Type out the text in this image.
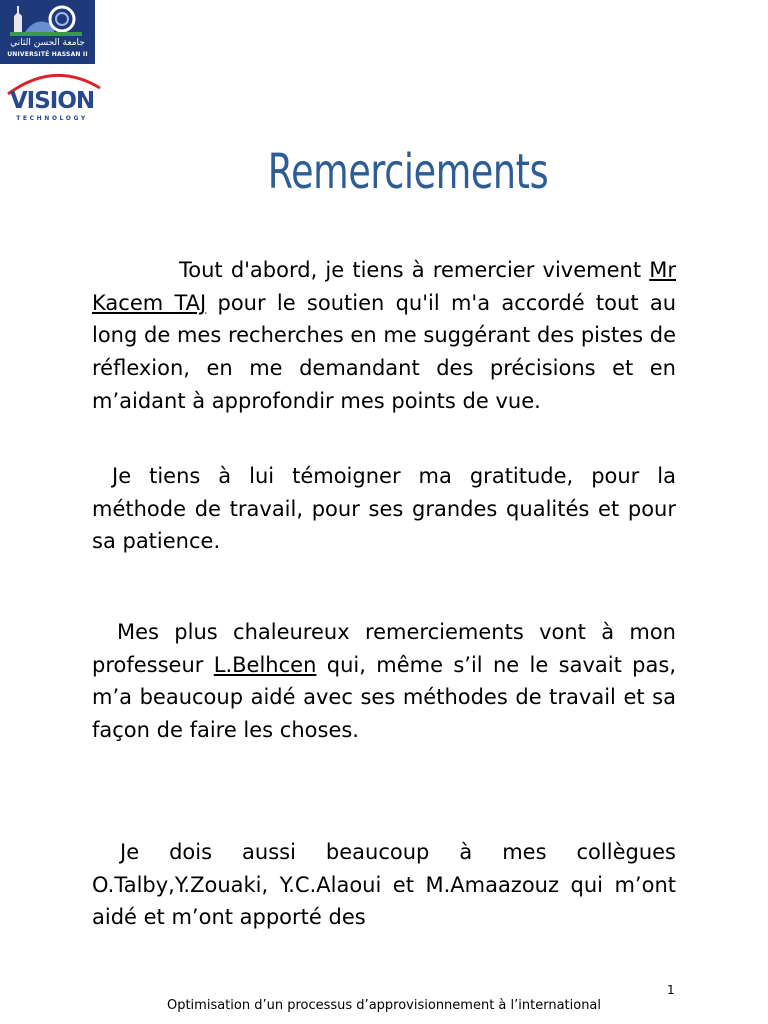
جامعة الحسن الثاني
UNIVERSITÉ HASSAN II
VISION
TECHNOLOGY
Remerciements

Tout d'abord, je tiens à remercier vivement Mr Kacem TAJ pour le soutien qu'il m'a accordé tout au long de mes recherches en me suggérant des pistes de réflexion, en me demandant des précisions et en m’aidant à approfondir mes points de vue.

Je tiens à lui témoigner ma gratitude, pour la méthode de travail, pour ses grandes qualités et pour sa patience.

Mes plus chaleureux remerciements vont à mon professeur L.Belhcen qui, même s’il ne le savait pas, m’a beaucoup aidé avec ses méthodes de travail et sa façon de faire les choses.

Je dois aussi beaucoup à mes collègues O.Talby,Y.Zouaki, Y.C.Alaoui et M.Amaazouz qui m’ont aidé et m’ont apporté des

1
Optimisation d’un processus d’approvisionnement à l’international
